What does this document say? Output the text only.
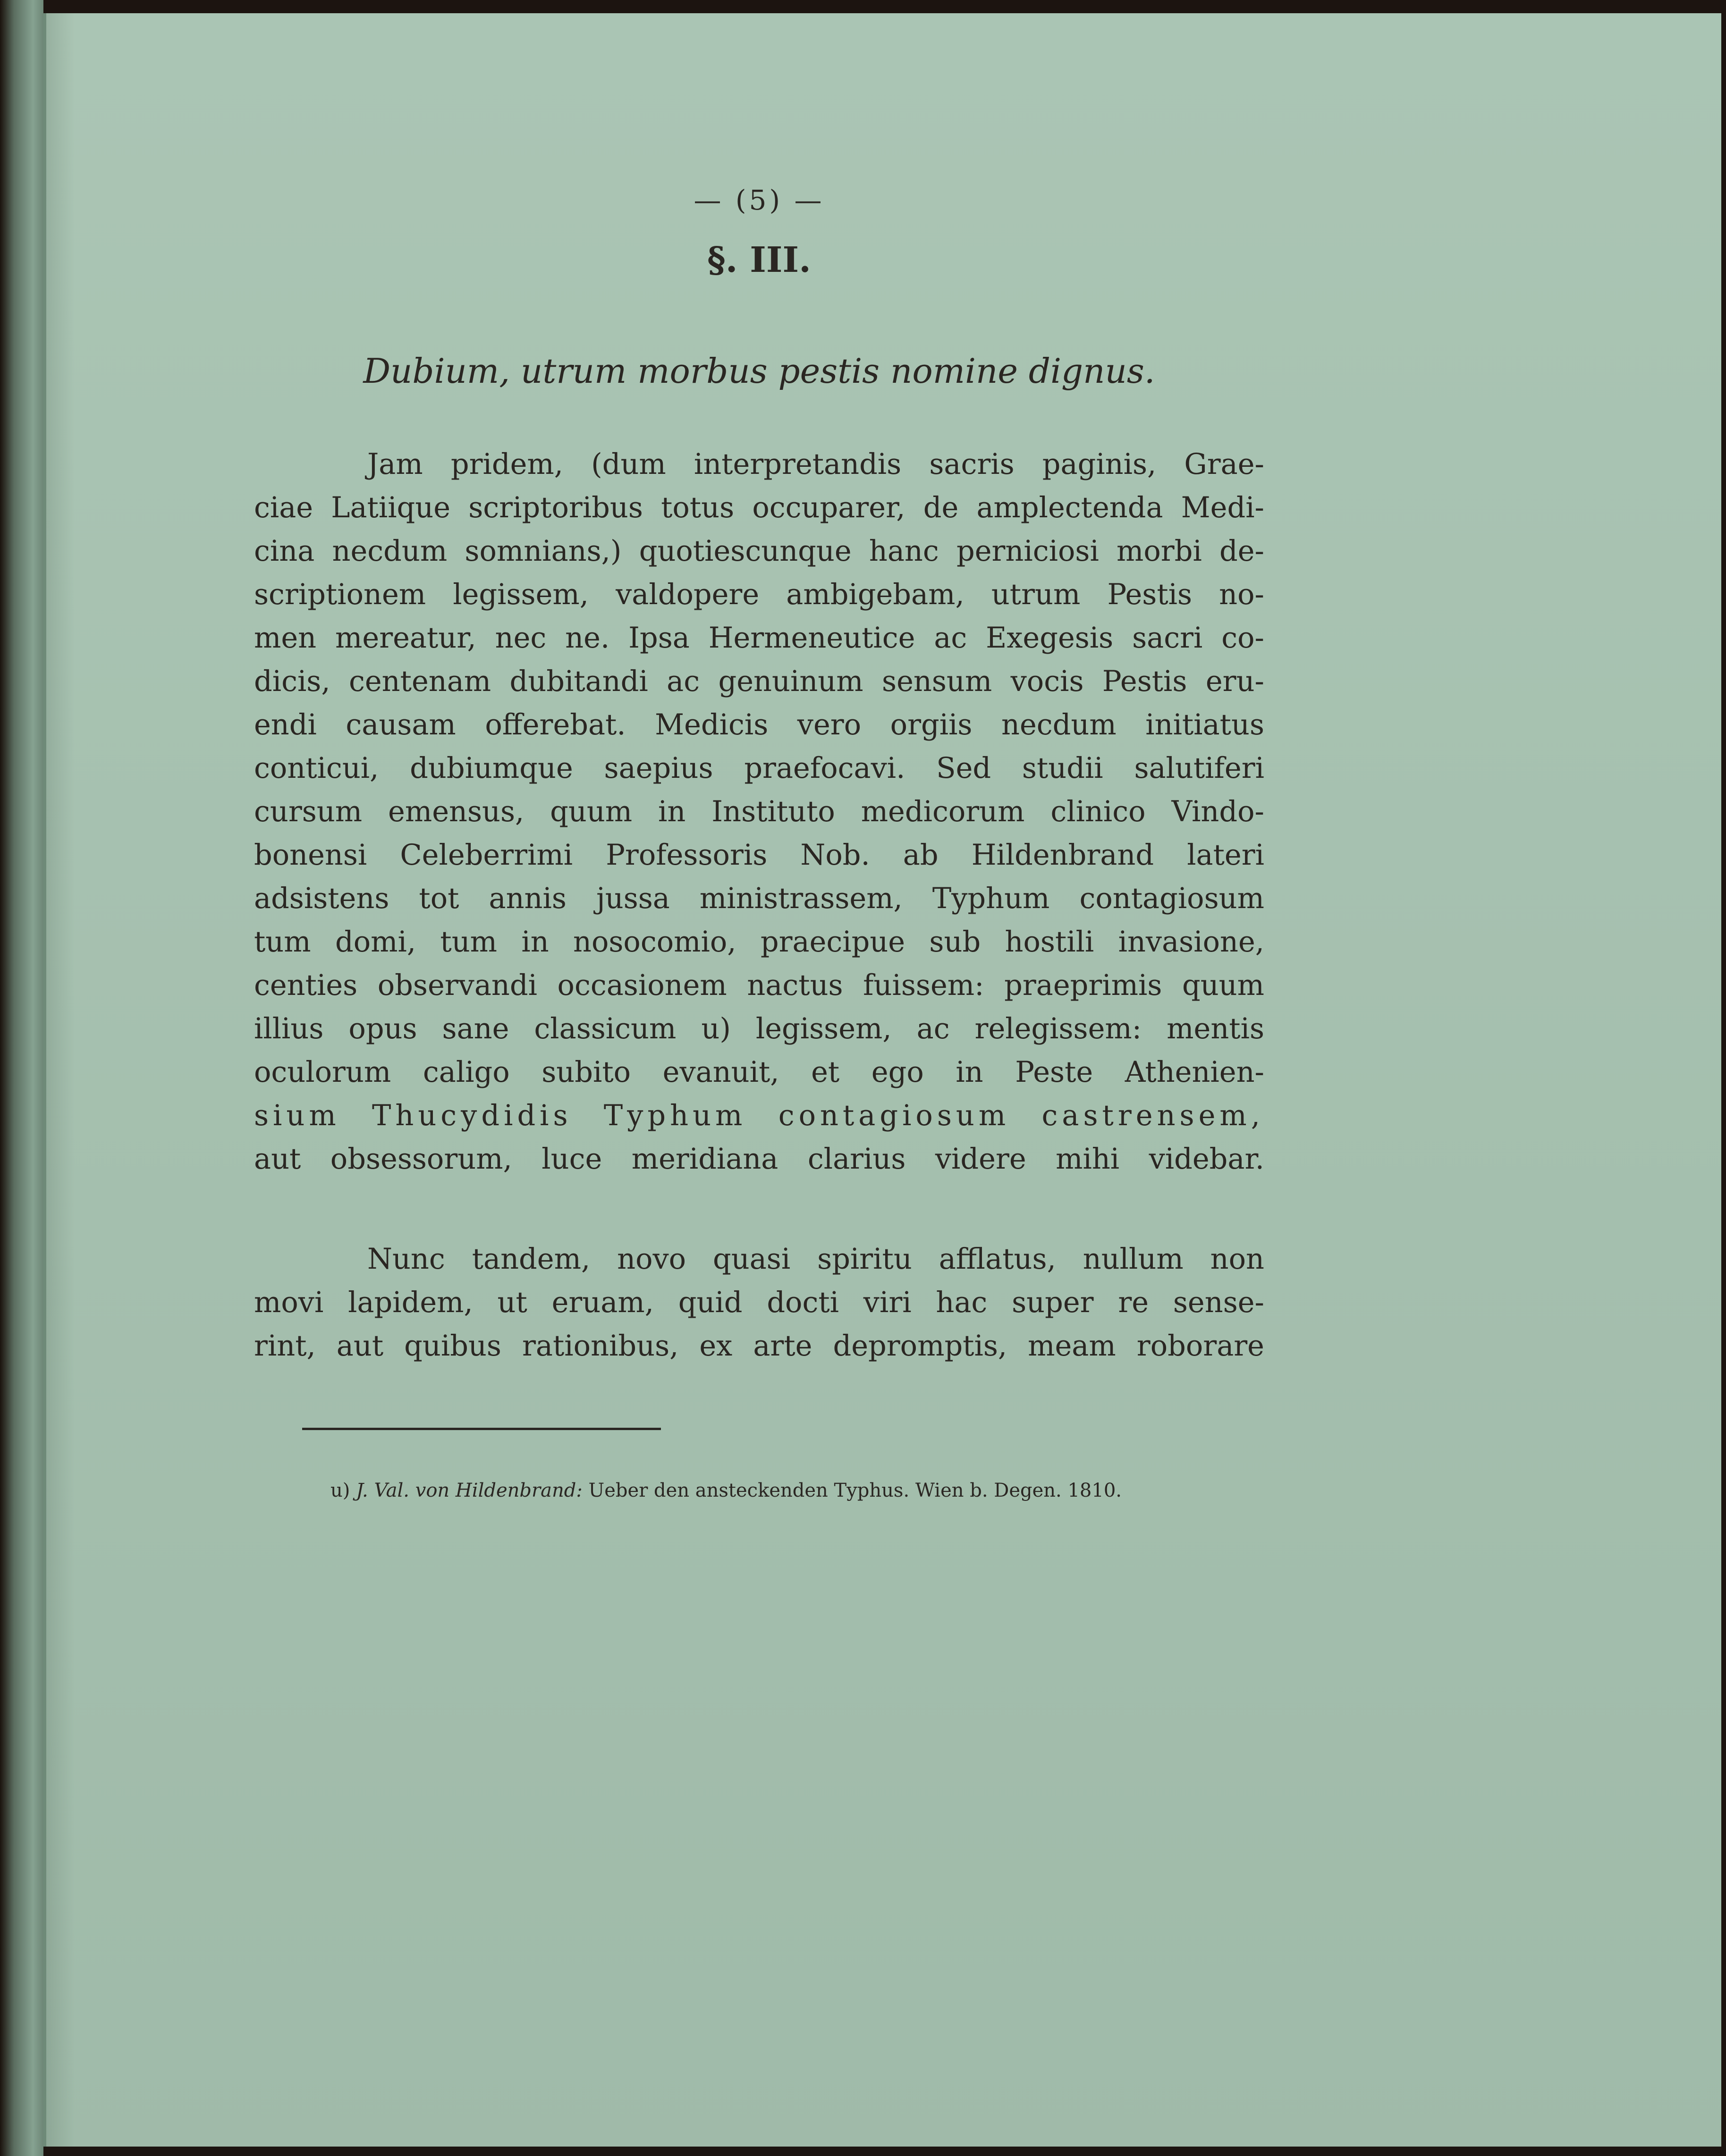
— (5) —
§. III.
Dubium, utrum morbus pestis nomine dignus.
Jam pridem, (dum interpretandis sacris paginis, Grae-
ciae Latiique scriptoribus totus occuparer, de amplectenda Medi-
cina necdum somnians,) quotiescunque hanc perniciosi morbi de-
scriptionem legissem, valdopere ambigebam, utrum Pestis no-
men mereatur, nec ne. Ipsa Hermeneutice ac Exegesis sacri co-
dicis, centenam dubitandi ac genuinum sensum vocis Pestis eru-
endi causam offerebat. Medicis vero orgiis necdum initiatus
conticui, dubiumque saepius praefocavi. Sed studii salutiferi
cursum emensus, quum in Instituto medicorum clinico Vindo-
bonensi Celeberrimi Professoris Nob. ab Hildenbrand lateri
adsistens tot annis jussa ministrassem, Typhum contagiosum
tum domi, tum in nosocomio, praecipue sub hostili invasione,
centies observandi occasionem nactus fuissem: praeprimis quum
illius opus sane classicum u) legissem, ac relegissem: mentis
oculorum caligo subito evanuit, et ego in Peste Athenien-
sium Thucydidis Typhum contagiosum castrensem,
aut obsessorum, luce meridiana clarius videre mihi videbar.
Nunc tandem, novo quasi spiritu afflatus, nullum non
movi lapidem, ut eruam, quid docti viri hac super re sense-
rint, aut quibus rationibus, ex arte depromptis, meam roborare
u) J. Val. von Hildenbrand: Ueber den ansteckenden Typhus. Wien b. Degen. 1810.
